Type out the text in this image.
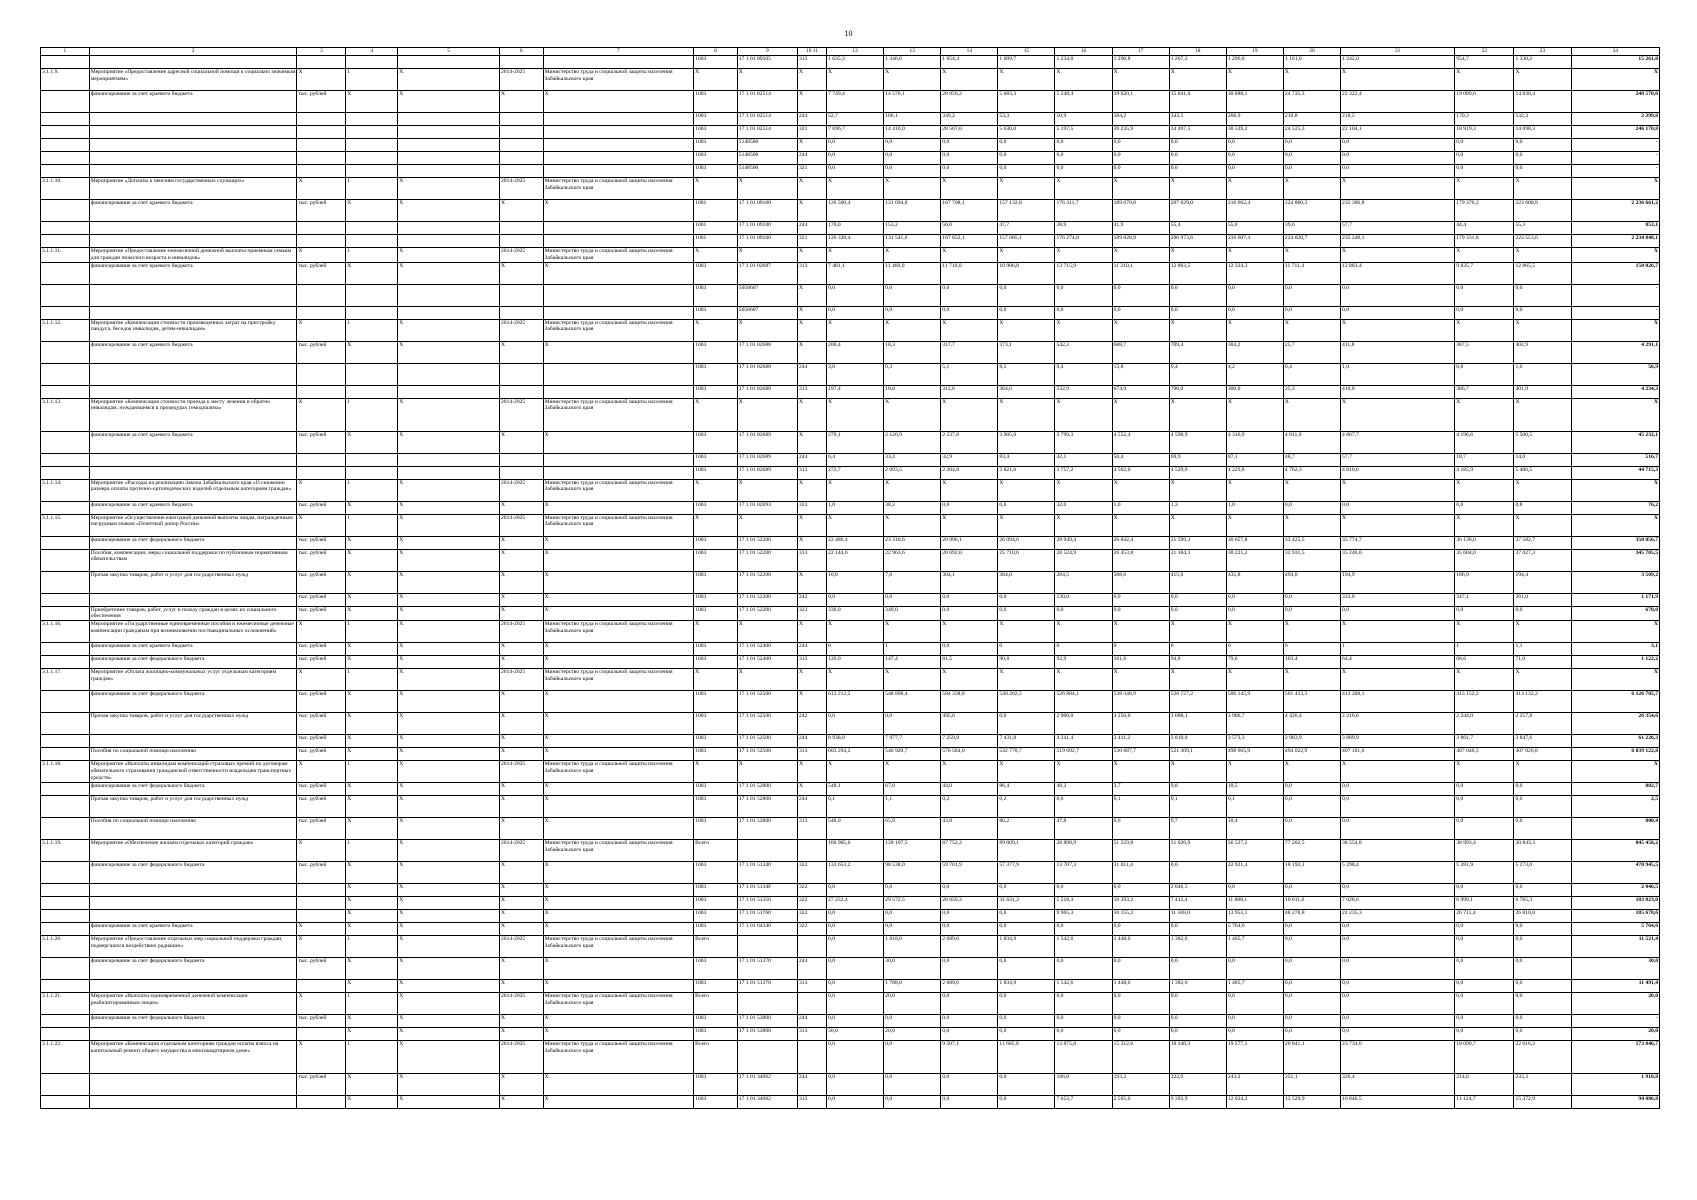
10
1	2	3	4	5	6	7	8	9	10 11	12	13	14	15	16	17	18	19	20	21	22	23	24
							1003	17 1 01 89505	313	1 635,3	1 346,6	1 054,4	1 609,7	1 234,0	1 290,8	1 267,2	1 296,0	1 161,0	1 242,0	954,7	1 330,2	15 261,0
3.1.1.9.	Мероприятие «Предоставление адресной социальной помощи к социально значимым мероприятиям»	X	1	X	2014-2025	Министерство труда и социальной защиты населения Забайкальского края	X	X	X	X	X	X	X	X	X	X	X	X	X	X	X	X
	финансирование за счет краевого бюджета	тыс. рублей	X	X	X	X	1003	17 1 01 82514	X	7 749,4	14 576,1	28 856,2	5 683,3	5 248,4	39 620,1	35 841,0	30 888,1	24 735,3	22 322,4	19 089,6	14 830,4	248 570,6
							1003	17 1 01 82514	244	52,7	166,1	349,2	53,3	50,9	384,2	343,5	268,9	210,8	218,5	170,3	132,3	2 399,8
							1003	17 1 01 82514	321	7 696,7	14 410,0	28 507,0	5 630,0	5 197,5	39 235,9	34 497,5	30 539,2	24 525,3	22 104,1	18 919,3	14 698,3	246 170,8
							1003	5148500	X	0,0	0,0	0,0	0,0	0,0	0,0	0,0	0,0	0,0	0,0	0,0	0,0	-
							1003	5148500	244	0,0	0,0	0,0	0,0	0,0	0,0	0,0	0,0	0,0	0,0	0,0	0,0	-
							1003	5148500	321	0,0	0,0	0,0	0,0	0,0	0,0	0,0	0,0	0,0	0,0	0,0	0,0	-
3.1.1.10.	Мероприятие «Доплаты к пенсиям государственных служащих»	X	1	X	2014-2025	Министерство труда и социальной защиты населения Забайкальского края	X	X	X	X	X	X	X	X	X	X	X	X	X	X	X	X
	финансирование за счет краевого бюджета	тыс. рублей	X	X	X	X	1001	17 1 01 09100	X	126 500,4	131 694,8	167 708,1	157 132,8	176 311,7	189 670,8	207 029,0	216 662,4	224 860,3	235 306,8	179 376,2	223 608,9	2 236 661,2
							1001	17 1 01 09100	244	170,0	153,2	56,0	47,7	38,9	41,9	55,4	55,0	39,6	57,7	44,4	55,3	853,1
							1001	17 1 01 09100	321	126 330,4	131 541,6	167 652,1	157 085,1	176 274,8	189 628,9	206 973,6	216 607,4	224 820,7	235 248,1	179 331,8	223 553,6	2 234 848,1
3.1.1.11.	Мероприятие «Предоставление ежемесячной денежной выплаты приемным семьям для граждан пожилого возраста и инвалидов»	X	1	X	2014-2025	Министерство труда и социальной защиты населения Забайкальского края	X	X	X	X	X	X	X	X	X	X	X	X	X	X	X	X
	финансирование за счет краевого бюджета	тыс. рублей	X	X	X	X	1003	17 1 01 82687	313	7 481,1	11 460,0	11 710,0	10 906,8	13 715,9	11 210,1	12 863,5	12 324,3	11 711,4	12 883,4	9 835,7	12 865,5	150 026,7
							1003	5058607	X	0,0	0,0	0,0	0,0	0,0	0,0	0,0	0,0	0,0	0,0	0,0	0,0	-
							1003	5058607	X	0,0	0,0	0,0	0,0	0,0	0,0	0,0	0,0	0,0	0,0	0,0	0,0	-
3.1.1.12.	Мероприятие «Компенсация стоимости произведенных затрат на пристройку пандуса, беседок инвалидам, детям-инвалидам»	X	1	X	2014-2025	Министерство труда и социальной защиты населения Забайкальского края	X	X	X	X	X	X	X	X	X	X	X	X	X	X	X	X
	финансирование за счет краевого бюджета	тыс. рублей	X	X	X	X	1003	17 1 01 82688	X	200,4	18,3	317,7	373,1	542,3	688,7	709,4	304,2	25,7	411,8	387,5	402,9	4 291,1
							1003	17 1 01 82688	244	3,0	0,3	5,1	8,5	9,4	13,8	9,4	4,2	0,4	1,0	0,8	1,0	56,9
							1003	17 1 01 82688	313	197,4	18,0	312,6	364,6	532,9	674,9	700,0	300,0	25,3	410,8	386,7	401,9	4 234,3
3.1.1.13.	Мероприятие «Компенсация стоимости проезда к месту лечения и обратно инвалидам, нуждающимся в процедурах гемодиализа»	X	1	X	2014-2025	Министерство труда и социальной защиты населения Забайкальского края	X	X	X	X	X	X	X	X	X	X	X	X	X	X	X	X
	финансирование за счет краевого бюджета	тыс. рублей	X	X	X	X	1003	17 1 01 82689	X	279,1	2 126,9	2 237,8	3 905,0	3 799,3	4 552,4	4 598,9	4 316,9	4 811,0	4 867,7	4 196,6	5 500,5	45 232,1
							1003	17 1 01 82689	244	6,4	33,4	32,9	83,4	42,1	50,4	69,9	87,1	48,7	57,7	18,7	14,0	516,7
							1003	17 1 01 82689	313	272,7	2 093,5	2 204,8	3 821,6	3 757,2	4 502,0	4 529,0	4 229,8	4 762,3	4 810,0	4 185,9	5 486,5	44 715,3
3.1.1.14.	Мероприятие «Расходы на реализацию Закона Забайкальского края «О снижении размера оплаты протезно-ортопедических изделий отдельным категориям граждан»	X	1	X	2014-2025	Министерство труда и социальной защиты населения Забайкальского края	X	X	X	X	X	X	X	X	X	X	X	X	X	X	X	X
	финансирование за счет краевого бюджета	тыс. рублей	X	X	X	X	1003	17 1 01 82693	323	1,0	38,2	0,0	0,0	32,0	1,0	1,3	1,0	0,0	0,0	0,0	0,8	76,2
3.1.1.15.	Мероприятие «Осуществление ежегодной денежной выплаты лицам, награжденным нагрудным знаком «Почетный донор России»	X	1	X	2014-2025	Министерство труда и социальной защиты населения Забайкальского края	X	X	X	X	X	X	X	X	X	X	X	X	X	X	X	X
	финансирование за счет федерального бюджета	тыс. рублей	X	X	X	X	1003	17 1 01 52200	X	22 486,4	23 310,6	20 996,1	26 094,6	28 949,4	26 842,4	21 599,3	30 657,8	33 425,5	35 774,7	36 138,0	37 582,7	350 856,7
	Пособия, компенсации, меры социальной поддержки по публичным нормативным обязательствам	тыс. рублей	X	X	X	X	1003	17 1 01 52200	313	22 144,6	22 963,6	20 692,0	25 710,6	28 524,9	26 453,8	21 184,3	30 221,2	32 931,5	35 246,0	35 604,0	37 027,3	345 705,5
	Прочая закупка товаров, работ и услуг для государственных нужд	тыс. рублей	X	X	X	X	1003	17 1 01 52200	X	10,8	7,0	304,1	384,0	284,5	388,6	415,0	435,8	494,0	194,9	186,9	194,4	3 509,2
		тыс. рублей	X	X	X	X	1003	17 1 01 52200	242	0,0	0,0	0,0	0,0	130,0	0,0	0,0	0,0	0,0	333,8	347,1	361,0	1 171,9
	Приобретение товаров, работ, услуг в пользу граждан в целях их социального обеспечения	тыс. рублей	X	X	X	X	1003	17 1 01 52200	323	330,0	340,0	0,0	0,0	0,0	0,0	0,0	0,0	0,0	0,0	0,0	0,0	670,0
3.1.1.16.	Мероприятие «Государственные единовременные пособия и ежемесячные денежные компенсации гражданам при возникновении поствакцинальных осложнений»	X	1	X	2014-2025	Министерство труда и социальной защиты населения Забайкальского края	X	X	X	X	X	X	X	X	X	X	X	X	X	X	X	X
	финансирование за счет краевого бюджета	тыс. рублей	X	X	X	X	1003	17 1 01 52400	244	0	1	0,0	0	0	0	0	0	0	1	1	1,1	3,1
	финансирование за счет федерального бюджета	тыс. рублей	X	X	X	X	1003	17 1 01 52400	313	120,0	147,4	81,5	90,8	92,9	101,6	94,8	79,6	103,4	64,4	68,6	71,0	1 122,2
3.1.1.17.	Мероприятие «Оплата жилищно-коммунальных услуг отдельным категориям граждан»	X	1	X	2014-2025	Министерство труда и социальной защиты населения Забайкальского края	X	X	X	X	X	X	X	X	X	X	X	X	X	X	X	X
	финансирование за счет федерального бюджета	тыс. рублей	X	X	X	X	1003	17 1 01 52500	X	612 212,2	548 898,4	584 338,8	540 202,5	526 884,1	538 348,9	528 727,2	506 145,9	501 433,3	413 208,1	413 152,2	413 132,2	6 126 705,7
	Прочая закупка товаров, работ и услуг для государственных нужд	тыс. рублей	X	X	X	X	1003	17 1 01 52500	242	0,0	0,0	495,0	0,0	2 900,0	4 250,0	3 688,1	3 906,7	4 426,4	2 216,6	2 244,0	2 257,8	26 354,6
		тыс. рублей	X	X	X	X	1003	17 1 01 52500	244	8 938,0	7 977,7	7 259,8	7 431,8	4 241,4	3 411,2	3 810,0	3 573,3	2 983,9	3 889,9	3 861,7	3 847,6	61 226,3
	Пособия по социальной помощи населению	тыс. рублей	X	X	X	X	1003	17 1 01 52500	313	603 294,2	540 920,7	576 584,0	532 770,7	519 692,7	530 687,7	521 309,1	498 665,9	494 022,9	407 101,6	407 046,5	407 026,8	6 039 122,8
3.1.1.18.	Мероприятие «Выплаты инвалидам компенсаций страховых премий по договорам обязательного страхования гражданской ответственности владельцев транспортных средств»	X	1	X	2014-2025	Министерство труда и социальной защиты населения Забайкальского края	X	X	X	X	X	X	X	X	X	X	X	X	X	X	X	X
	финансирование за счет федерального бюджета	тыс. рублей	X	X	X	X	1003	17 1 01 52800	X	548,1	67,0	44,0	86,4	48,2	3,7	9,8	10,5	0,0	0,0	0,0	0,0	802,7
	Прочая закупка товаров, работ и услуг для государственных нужд	тыс. рублей	X	X	X	X	1003	17 1 01 52800	244	0,1	1,1	0,2	0,2	0,6	0,1	0,1	0,1	0,0	0,0	0,0	0,0	2,5
	Пособия по социальной помощи населению	тыс. рублей	X	X	X	X	1003	17 1 01 52800	313	548,0	65,9	43,8	86,2	47,8	0,6	9,7	10,4	0,0	0,0	0,0	0,0	800,4
3.1.1.19.	Мероприятие «Обеспечение жильем отдельных категорий граждан»	X	1	X	2014-2025	Министерство труда и социальной защиты населения Забайкальского края	Всего			160 905,6	128 107,5	87 752,2	89 009,1	28 898,9	51 559,8	21 026,9	56 527,2	77 202,5	38 554,8	38 993,4	30 843,3	845 458,2
	финансирование за счет федерального бюджета	тыс. рублей	X	X	X	X	1003	17 1 01 51340	322	133 653,2	98 538,0	59 701,9	57 377,9	13 707,3	31 011,4	0,0	22 921,4	18 192,1	5 298,4	5 281,9	5 273,0	470 945,5
			X	X	X	X	1003	17 1 01 5134F	322	0,0	0,0	0,0	0,0	0,0	0,0	2 046,5	0,0	0,0	0,0	0,0	0,0	2 046,5
			X	X	X	X	1003	17 1 01 51350	322	27 252,4	29 572,5	28 050,3	31 631,2	5 218,3	10 393,2	7 412,4	11 888,1	10 011,6	7 028,6	6 999,1	6 765,3	183 023,0
			X	X	X	X	1003	17 1 01 51760	322	0,0	0,0	0,0	0,0	9 965,3	10 155,2	11 568,0	13 953,1	48 278,8	24 235,3	26 711,4	26 810,8	185 678,6
	финансирование за счет краевого бюджета	X	X	X	X	X	1003	17 1 01 64340	322	0,0	0,0	0,0	0,0	0,0	0,0	0,0	5 764,6	0,0	0,0	0,0	0,0	5 764,6
3.1.1.20.	Мероприятие «Предоставление отдельных мер социальной поддержки граждан, подвергшихся воздействию радиации»	X	1	X	2014-2025	Министерство труда и социальной защиты населения Забайкальского края	Всего			0,0	1 818,0	2 089,6	1 834,9	1 542,6	1 448,0	1 382,6	1 405,7	0,0	0,0	0,0	0,0	11 521,4
	финансирование за счет федерального бюджета	тыс. рублей	X	X	X	X	1003	17 1 01 51370	244	0,0	30,0	0,0	0,0	0,0	0,0	0,0	0,0	0,0	0,0	0,0	0,0	30,0
			X	X	X	X	1003	17 1 01 51370	313	0,0	1 788,0	2 089,6	1 834,9	1 542,6	1 448,0	1 382,6	1 405,7	0,0	0,0	0,0	0,0	11 491,4
3.1.1.21.	Мероприятие «Выплаты единовременной денежной компенсации реабилитированным лицам»	X	1	X	2014-2025	Министерство труда и социальной защиты населения Забайкальского края	Всего			0,0	20,0	0,0	0,0	0,0	0,0	0,0	0,0	0,0	0,0	0,0	0,0	20,0
	финансирование за счет федерального бюджета	тыс. рублей	X	X	X	X	1003	17 1 01 53800	244	0,0	0,0	0,0	0,0	0,0	0,0	0,0	0,0	0,0	0,0	0,0	0,0	-
			X	X	X	X	1003	17 1 01 53800	313	30,0	20,0	0,0	0,0	0,0	0,0	0,0	0,0	0,0	0,0	0,0	0,0	20,0
3.1.1.22.	Мероприятие «Компенсация отдельным категориям граждан оплаты взноса на капитальный ремонт общего имущества в многоквартирном доме»	X	1	X	2014-2025	Министерство труда и социальной защиты населения Забайкальского края	Всего			0,0	0,0	9 507,1	11 685,8	13 875,8	15 312,6	18 346,3	19 277,1	20 841,1	23 734,0	18 090,7	22 616,2	173 846,7
		тыс. рублей	X	X	X	X	1003	17 1 01 34062	244	0,0	0,0	0,0	0,0	186,0	193,2	222,9	243,3	251,1	326,4	214,6	233,3	1 918,8
			X	X	X	X	1003	17 1 01 34062	313	0,0	0,0	0,0	0,0	7 653,7	2 595,0	9 393,9	12 024,2	13 529,9	16 846,5	11 124,7	15 372,9	94 086,8
